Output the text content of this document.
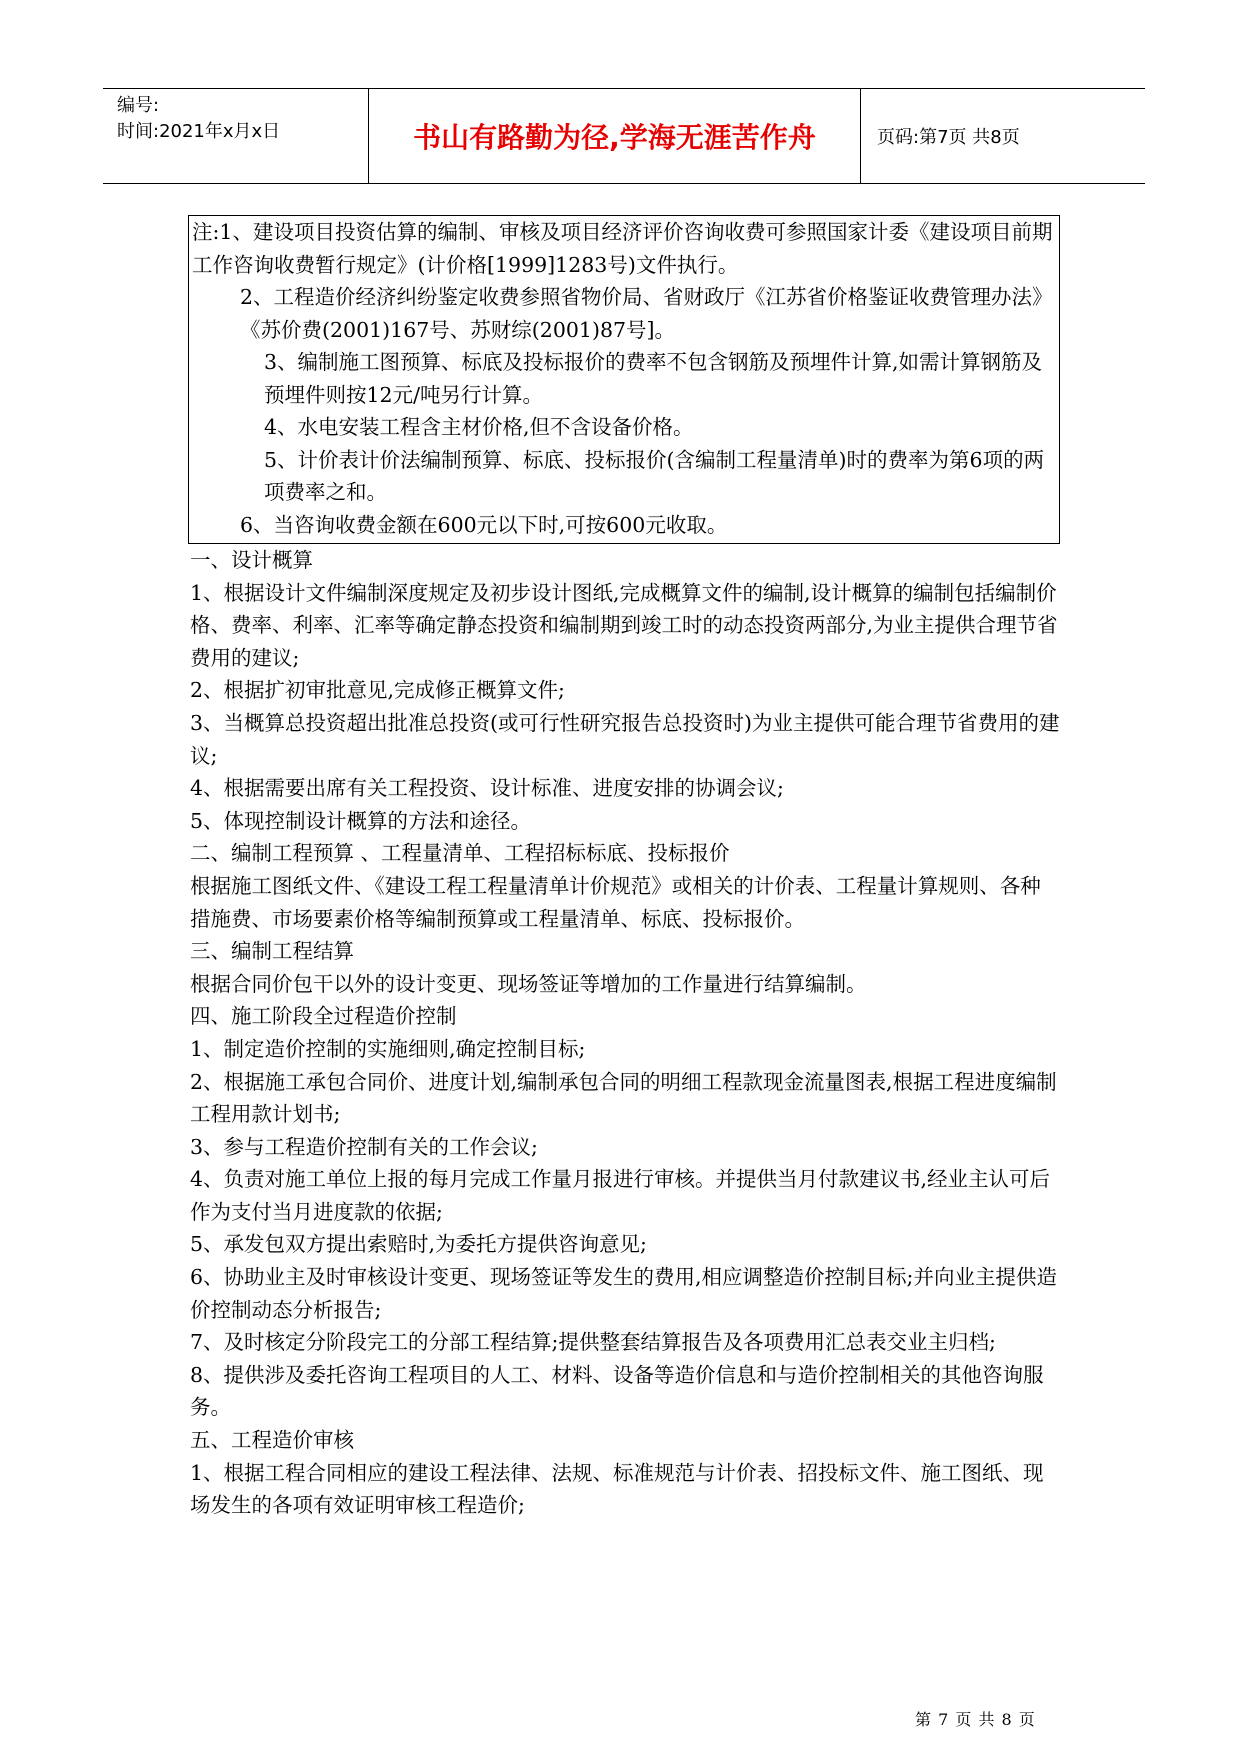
编号:
时间:2021年x月x日	书山有路勤为径,学海无涯苦作舟	页码:第7页 共8页

注:1、建设项目投资估算的编制、审核及项目经济评价咨询收费可参照国家计委《建设项目前期工作咨询收费暂行规定》(计价格[1999]1283号)文件执行。

2、工程造价经济纠纷鉴定收费参照省物价局、省财政厅《江苏省价格鉴证收费管理办法》《苏价费(2001)167号、苏财综(2001)87号]。

3、编制施工图预算、标底及投标报价的费率不包含钢筋及预埋件计算,如需计算钢筋及预埋件则按12元/吨另行计算。

4、水电安装工程含主材价格,但不含设备价格。

5、计价表计价法编制预算、标底、投标报价(含编制工程量清单)时的费率为第6项的两项费率之和。

6、当咨询收费金额在600元以下时,可按600元收取。

一、设计概算

1、根据设计文件编制深度规定及初步设计图纸,完成概算文件的编制,设计概算的编制包括编制价格、费率、利率、汇率等确定静态投资和编制期到竣工时的动态投资两部分,为业主提供合理节省费用的建议;

2、根据扩初审批意见,完成修正概算文件;

3、当概算总投资超出批准总投资(或可行性研究报告总投资时)为业主提供可能合理节省费用的建议;

4、根据需要出席有关工程投资、设计标准、进度安排的协调会议;

5、体现控制设计概算的方法和途径。

二、编制工程预算 、工程量清单、工程招标标底、投标报价

根据施工图纸文件、《建设工程工程量清单计价规范》或相关的计价表、工程量计算规则、各种措施费、市场要素价格等编制预算或工程量清单、标底、投标报价。

三、编制工程结算

根据合同价包干以外的设计变更、现场签证等增加的工作量进行结算编制。

四、施工阶段全过程造价控制

1、制定造价控制的实施细则,确定控制目标;

2、根据施工承包合同价、进度计划,编制承包合同的明细工程款现金流量图表,根据工程进度编制工程用款计划书;

3、参与工程造价控制有关的工作会议;

4、负责对施工单位上报的每月完成工作量月报进行审核。并提供当月付款建议书,经业主认可后作为支付当月进度款的依据;

5、承发包双方提出索赔时,为委托方提供咨询意见;

6、协助业主及时审核设计变更、现场签证等发生的费用,相应调整造价控制目标;并向业主提供造价控制动态分析报告;

7、及时核定分阶段完工的分部工程结算;提供整套结算报告及各项费用汇总表交业主归档;

8、提供涉及委托咨询工程项目的人工、材料、设备等造价信息和与造价控制相关的其他咨询服务。

五、工程造价审核

1、根据工程合同相应的建设工程法律、法规、标准规范与计价表、招投标文件、施工图纸、现场发生的各项有效证明审核工程造价;

第 7 页 共 8 页
